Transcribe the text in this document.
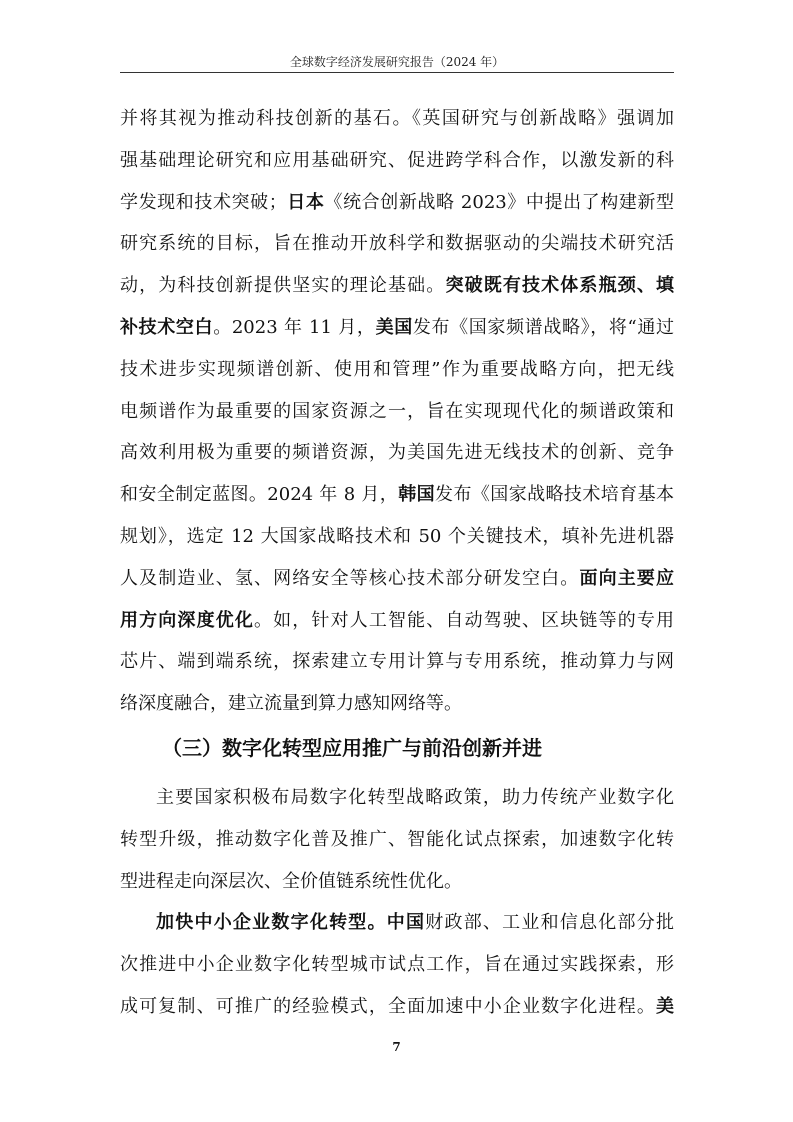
全球数字经济发展研究报告（2024 年）
并将其视为推动科技创新的基石。《英国研究与创新战略》强调加
强基础理论研究和应用基础研究、促进跨学科合作，以激发新的科
学发现和技术突破；日本《统合创新战略 2023》中提出了构建新型
研究系统的目标，旨在推动开放科学和数据驱动的尖端技术研究活
动，为科技创新提供坚实的理论基础。突破既有技术体系瓶颈、填
补技术空白。2023 年 11 月，美国发布《国家频谱战略》，将“通过
技术进步实现频谱创新、使用和管理”作为重要战略方向，把无线
电频谱作为最重要的国家资源之一，旨在实现现代化的频谱政策和
高效利用极为重要的频谱资源，为美国先进无线技术的创新、竞争
和安全制定蓝图。2024 年 8 月，韩国发布《国家战略技术培育基本
规划》，选定 12 大国家战略技术和 50 个关键技术，填补先进机器
人及制造业、氢、网络安全等核心技术部分研发空白。面向主要应
用方向深度优化。如，针对人工智能、自动驾驶、区块链等的专用
芯片、端到端系统，探索建立专用计算与专用系统，推动算力与网
络深度融合，建立流量到算力感知网络等。
（三）数字化转型应用推广与前沿创新并进
主要国家积极布局数字化转型战略政策，助力传统产业数字化
转型升级，推动数字化普及推广、智能化试点探索，加速数字化转
型进程走向深层次、全价值链系统性优化。
加快中小企业数字化转型。中国财政部、工业和信息化部分批
次推进中小企业数字化转型城市试点工作，旨在通过实践探索，形
成可复制、可推广的经验模式，全面加速中小企业数字化进程。美
7
